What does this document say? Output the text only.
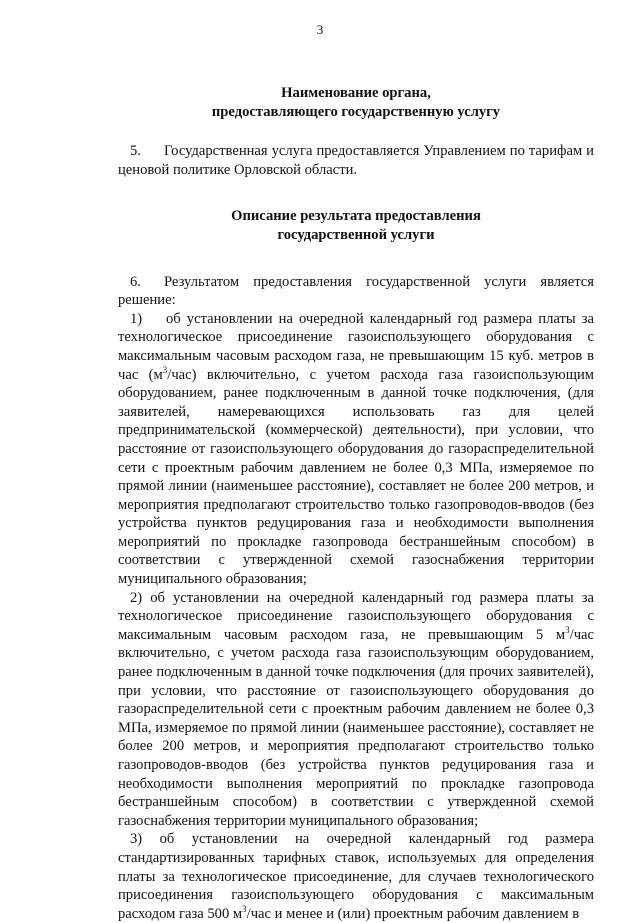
3
Наименование органа,
предоставляющего государственную услугу

5. Государственная услуга предоставляется Управлением по тарифам и ценовой политике Орловской области.

Описание результата предоставления
государственной услуги

6. Результатом предоставления государственной услуги является решение:

1) об установлении на очередной календарный год размера платы за технологическое присоединение газоиспользующего оборудования с максимальным часовым расходом газа, не превышающим 15 куб. метров в час $(м^3/час)$ включительно, с учетом расхода газа газоиспользующим оборудованием, ранее подключенным в данной точке подключения, (для заявителей, намеревающихся использовать газ для целей предпринимательской (коммерческой) деятельности), при условии, что расстояние от газоиспользующего оборудования до газораспределительной сети с проектным рабочим давлением не более 0,3 МПа, измеряемое по прямой линии (наименьшее расстояние), составляет не более 200 метров, и мероприятия предполагают строительство только газопроводов-вводов (без устройства пунктов редуцирования газа и необходимости выполнения мероприятий по прокладке газопровода бестраншейным способом) в соответствии с утвержденной схемой газоснабжения территории муниципального образования;

2) об установлении на очередной календарный год размера платы за технологическое присоединение газоиспользующего оборудования с максимальным часовым расходом газа, не превышающим 5 $м^3$/час включительно, с учетом расхода газа газоиспользующим оборудованием, ранее подключенным в данной точке подключения (для прочих заявителей), при условии, что расстояние от газоиспользующего оборудования до газораспределительной сети с проектным рабочим давлением не более 0,3 МПа, измеряемое по прямой линии (наименьшее расстояние), составляет не более 200 метров, и мероприятия предполагают строительство только газопроводов-вводов (без устройства пунктов редуцирования газа и необходимости выполнения мероприятий по прокладке газопровода бестраншейным способом) в соответствии с утвержденной схемой газоснабжения территории муниципального образования;

3) об установлении на очередной календарный год размера стандартизированных тарифных ставок, используемых для определения платы за технологическое присоединение, для случаев технологического присоединения газоиспользующего оборудования с максимальным расходом газа 500 $м^3$/час и менее и (или) проектным рабочим давлением в
